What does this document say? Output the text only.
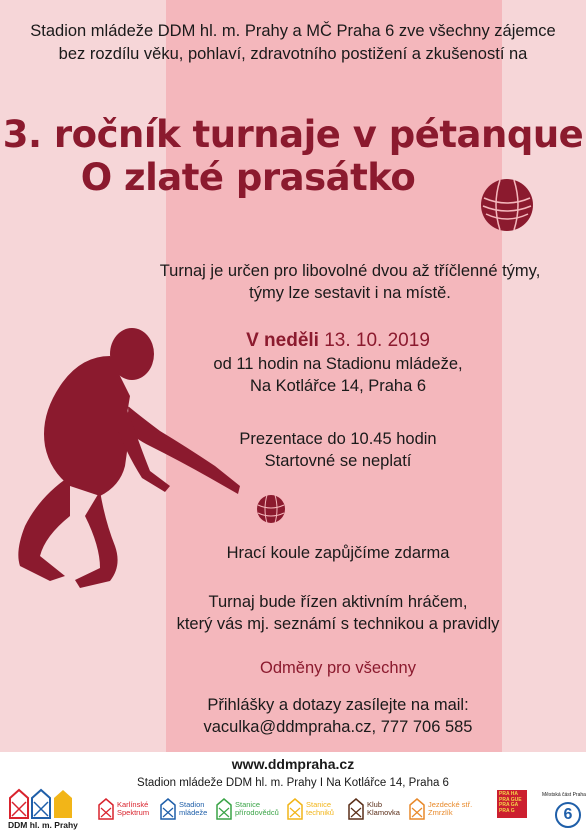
Stadion mládeže DDM hl. m. Prahy a MČ Praha 6 zve všechny zájemce
bez rozdílu věku, pohlaví, zdravotního postižení a zkušeností na
3. ročník turnaje v pétanque
O zlaté prasátko
Turnaj je určen pro libovolné dvou až tříčlenné týmy,
týmy lze sestavit i na místě.
V neděli 13. 10. 2019
od 11 hodin na Stadionu mládeže,
Na Kotlářce 14, Praha 6
Prezentace do 10.45 hodin
Startovné se neplatí
Hrací koule zapůjčíme zdarma
Turnaj bude řízen aktivním hráčem,
který vás mj. seznámí s technikou a pravidly
Odměny pro všechny
Přihlášky a dotazy zasílejte na mail:
vaculka@ddmpraha.cz, 777 706 585
www.ddmpraha.cz
Stadion mládeže DDM hl. m. Prahy I Na Kotlářce 14, Praha 6
DDM hl. m. Prahy
Karlínské
Spektrum
Stadion
mládeže
Stanice
přírodovědců
Stanice
techniků
Klub
Klamovka
Jezdecké stř.
Zmrzlík
PRA HA PRA GUE PRA GA PRA G
Městská část Praha
6
